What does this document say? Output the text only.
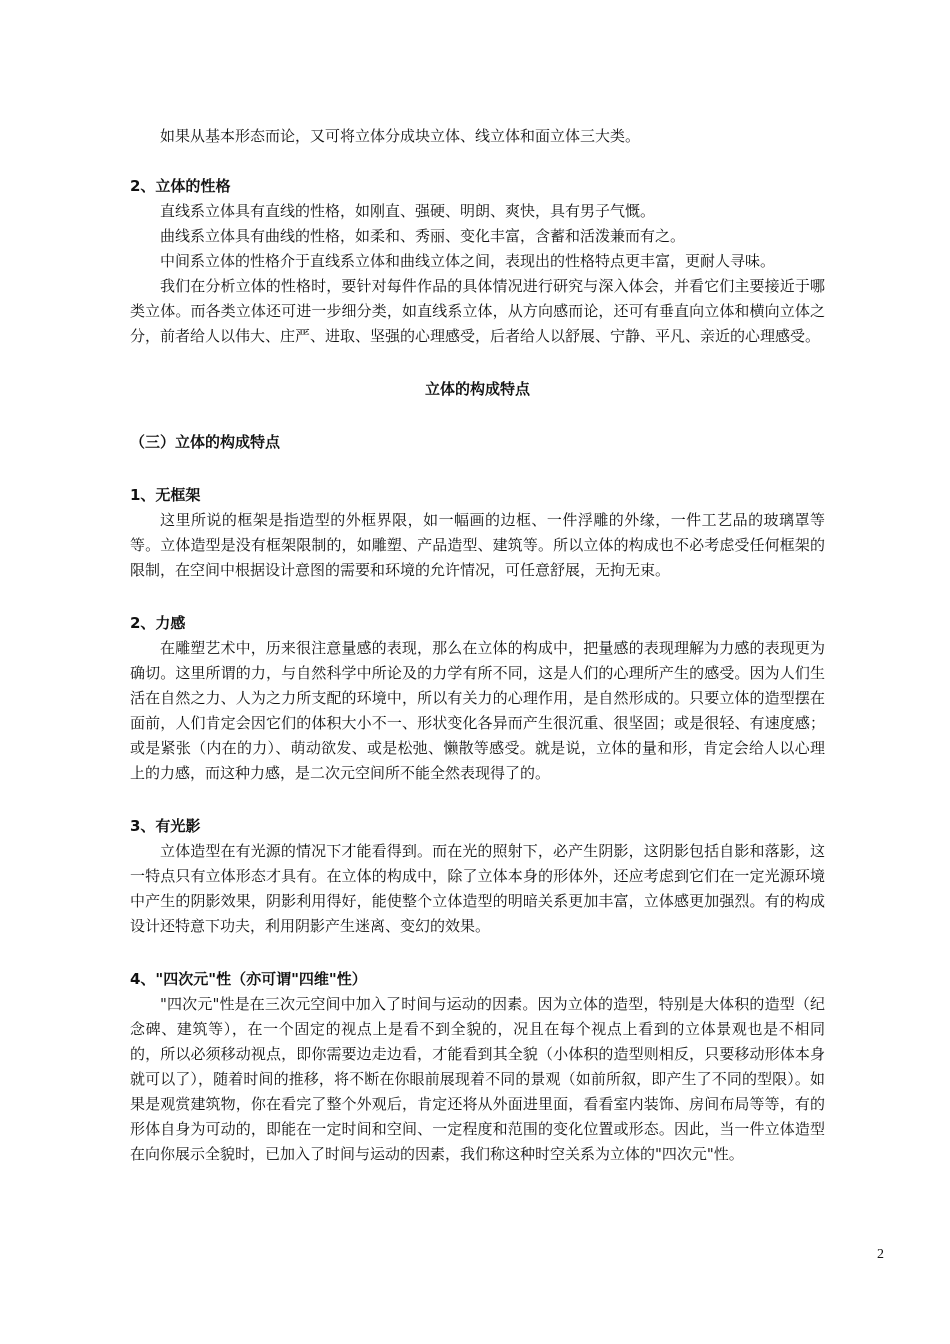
如果从基本形态而论，又可将立体分成块立体、线立体和面立体三大类。

2、立体的性格

直线系立体具有直线的性格，如刚直、强硬、明朗、爽快，具有男子气慨。

曲线系立体具有曲线的性格，如柔和、秀丽、变化丰富，含蓄和活泼兼而有之。

中间系立体的性格介于直线系立体和曲线立体之间，表现出的性格特点更丰富，更耐人寻味。

我们在分析立体的性格时，要针对每件作品的具体情况进行研究与深入体会，并看它们主要接近于哪类立体。而各类立体还可进一步细分类，如直线系立体，从方向感而论，还可有垂直向立体和横向立体之分，前者给人以伟大、庄严、进取、坚强的心理感受，后者给人以舒展、宁静、平凡、亲近的心理感受。

立体的构成特点

（三）立体的构成特点

1、无框架

这里所说的框架是指造型的外框界限，如一幅画的边框、一件浮雕的外缘，一件工艺品的玻璃罩等等。立体造型是没有框架限制的，如雕塑、产品造型、建筑等。所以立体的构成也不必考虑受任何框架的限制，在空间中根据设计意图的需要和环境的允许情况，可任意舒展，无拘无束。

2、力感

在雕塑艺术中，历来很注意量感的表现，那么在立体的构成中，把量感的表现理解为力感的表现更为确切。这里所谓的力，与自然科学中所论及的力学有所不同，这是人们的心理所产生的感受。因为人们生活在自然之力、人为之力所支配的环境中，所以有关力的心理作用，是自然形成的。只要立体的造型摆在面前，人们肯定会因它们的体积大小不一、形状变化各异而产生很沉重、很坚固；或是很轻、有速度感；或是紧张（内在的力）、萌动欲发、或是松弛、懒散等感受。就是说，立体的量和形，肯定会给人以心理上的力感，而这种力感，是二次元空间所不能全然表现得了的。

3、有光影

立体造型在有光源的情况下才能看得到。而在光的照射下，必产生阴影，这阴影包括自影和落影，这一特点只有立体形态才具有。在立体的构成中，除了立体本身的形体外，还应考虑到它们在一定光源环境中产生的阴影效果，阴影利用得好，能使整个立体造型的明暗关系更加丰富，立体感更加强烈。有的构成设计还特意下功夫，利用阴影产生迷离、变幻的效果。

4、"四次元"性（亦可谓"四维"性）

"四次元"性是在三次元空间中加入了时间与运动的因素。因为立体的造型，特别是大体积的造型（纪念碑、建筑等），在一个固定的视点上是看不到全貌的，况且在每个视点上看到的立体景观也是不相同的，所以必须移动视点，即你需要边走边看，才能看到其全貌（小体积的造型则相反，只要移动形体本身就可以了），随着时间的推移，将不断在你眼前展现着不同的景观（如前所叙，即产生了不同的型限）。如果是观赏建筑物，你在看完了整个外观后，肯定还将从外面进里面，看看室内装饰、房间布局等等，有的形体自身为可动的，即能在一定时间和空间、一定程度和范围的变化位置或形态。因此，当一件立体造型在向你展示全貌时，已加入了时间与运动的因素，我们称这种时空关系为立体的"四次元"性。

2
